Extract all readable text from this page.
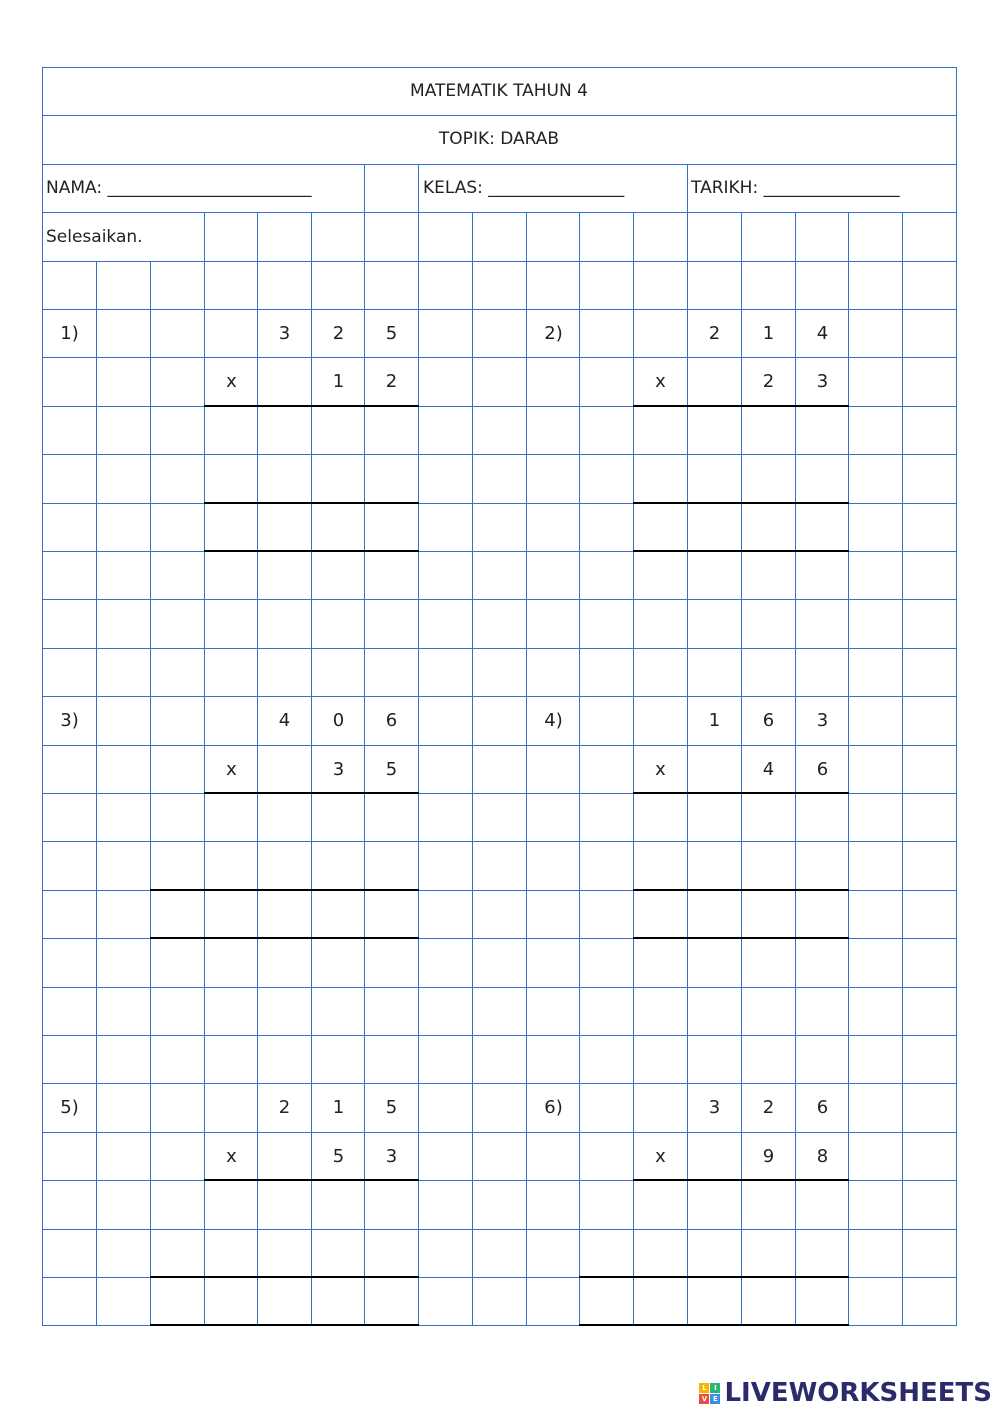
MATEMATIK TAHUN 4
TOPIK: DARAB
NAMA: ________________________	KELAS: ________________	TARIKH: ________________
Selesaikan.
1)	3	2	5
x	1	2
2)	2	1	4
x	2	3
3)	4	0	6
x	3	5
4)	1	6	3
x	4	6
5)	2	1	5
x	5	3
6)	3	2	6
x	9	8
L	I
V E LIVEWORKSHEETS
